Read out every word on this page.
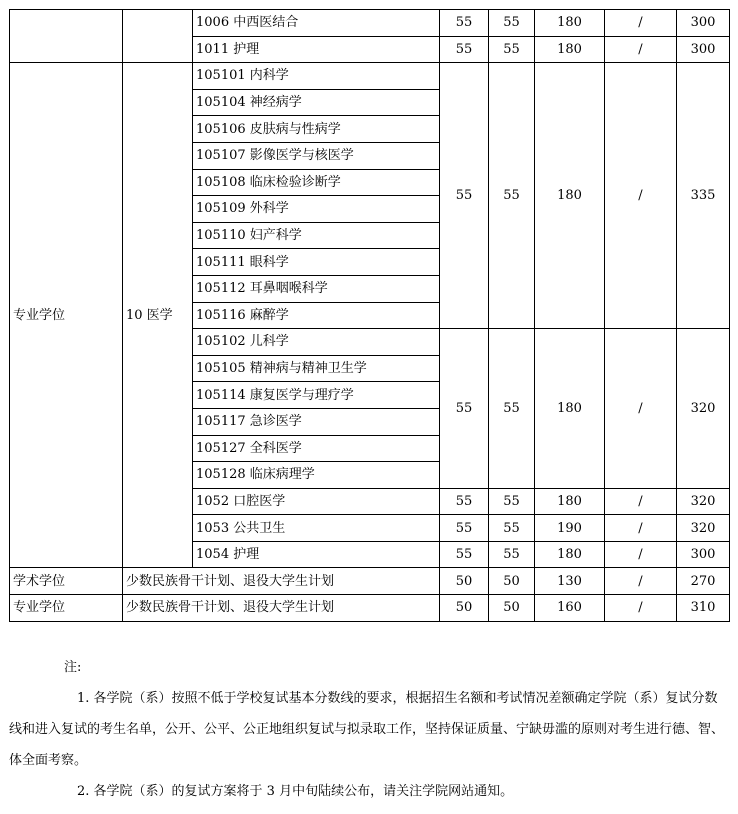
		1006 中西医结合	55	55	180	/	300
		1011 护理	55	55	180	/	300
专业学位	10 医学	105101 内科学	55	55	180	/	335
		105104 神经病学					
		105106 皮肤病与性病学					
		105107 影像医学与核医学					
		105108 临床检验诊断学					
		105109 外科学					
		105110 妇产科学					
		105111 眼科学					
		105112 耳鼻咽喉科学					
		105116 麻醉学					
		105102 儿科学	55	55	180	/	320
		105105 精神病与精神卫生学					
		105114 康复医学与理疗学					
		105117 急诊医学					
		105127 全科医学					
		105128 临床病理学					
		1052 口腔医学	55	55	180	/	320
		1053 公共卫生	55	55	190	/	320
		1054 护理	55	55	180	/	300
学术学位	少数民族骨干计划、退役大学生计划		50	50	130	/	270
专业学位	少数民族骨干计划、退役大学生计划		50	50	160	/	310

注:

1. 各学院（系）按照不低于学校复试基本分数线的要求，根据招生名额和考试情况差额确定学院（系）复试分数线和进入复试的考生名单，公开、公平、公正地组织复试与拟录取工作，坚持保证质量、宁缺毋滥的原则对考生进行德、智、体全面考察。

2. 各学院（系）的复试方案将于 3 月中旬陆续公布，请关注学院网站通知。
